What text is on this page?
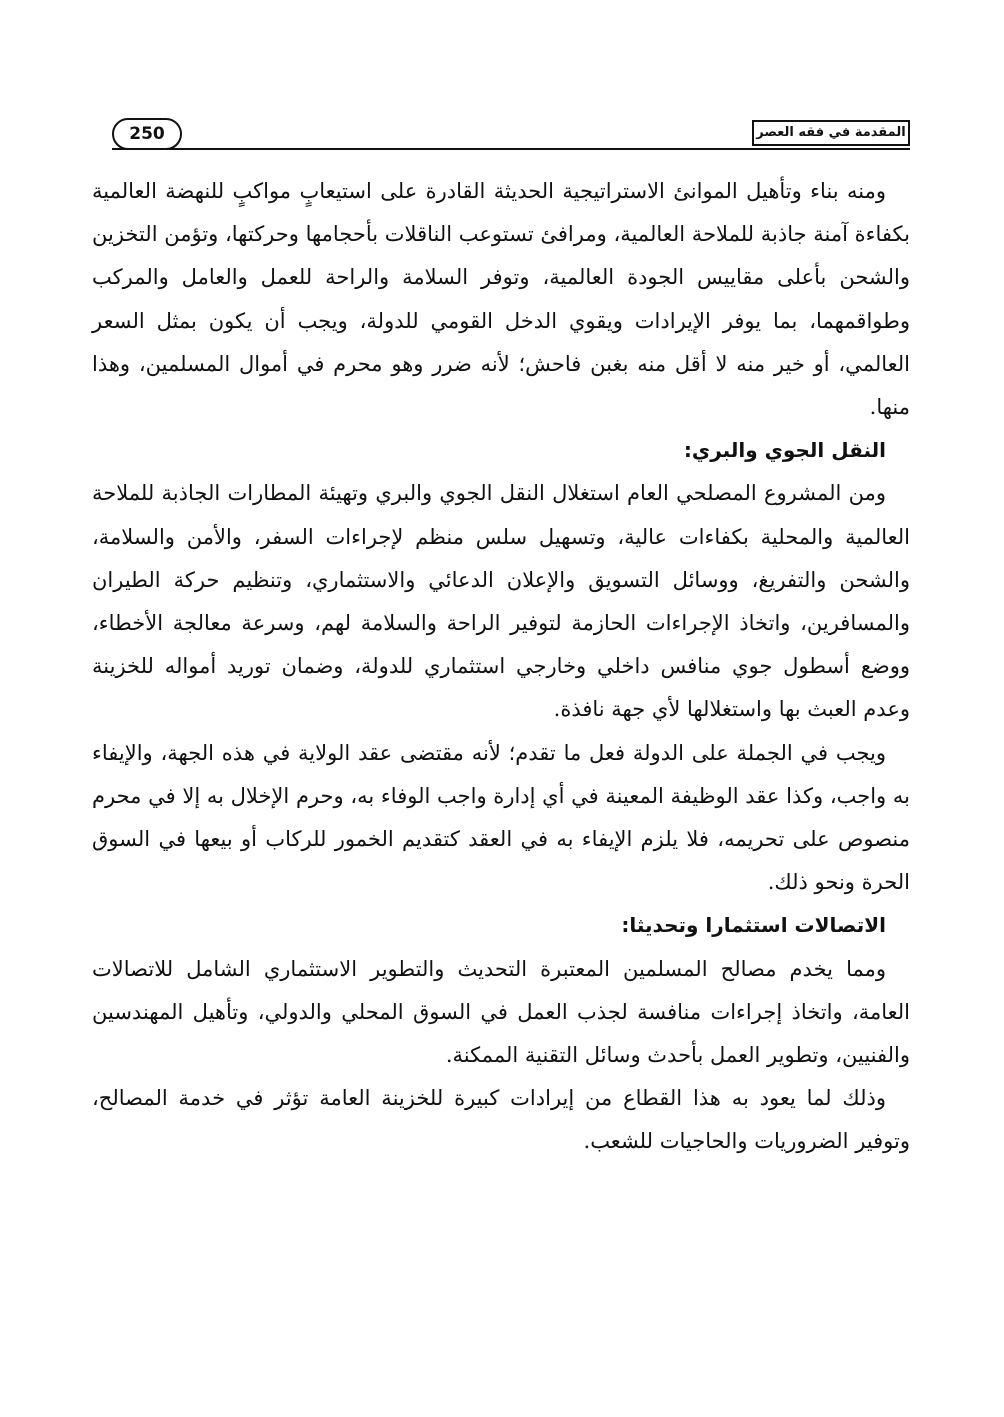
المقدمة في فقه العصر
250

ومنه بناء وتأهيل الموانئ الاستراتيجية الحديثة القادرة على استيعابٍ مواكبٍ للنهضة العالمية بكفاءة آمنة جاذبة للملاحة العالمية، ومرافئ تستوعب الناقلات بأحجامها وحركتها، وتؤمن التخزين والشحن بأعلى مقاييس الجودة العالمية، وتوفر السلامة والراحة للعمل والعامل والمركب وطواقمهما، بما يوفر الإيرادات ويقوي الدخل القومي للدولة، ويجب أن يكون بمثل السعر العالمي، أو خير منه لا أقل منه بغبن فاحش؛ لأنه ضرر وهو محرم في أموال المسلمين، وهذا منها.

النقل الجوي والبري:

ومن المشروع المصلحي العام استغلال النقل الجوي والبري وتهيئة المطارات الجاذبة للملاحة العالمية والمحلية بكفاءات عالية، وتسهيل سلس منظم لإجراءات السفر، والأمن والسلامة، والشحن والتفريغ، ووسائل التسويق والإعلان الدعائي والاستثماري، وتنظيم حركة الطيران والمسافرين، واتخاذ الإجراءات الحازمة لتوفير الراحة والسلامة لهم، وسرعة معالجة الأخطاء، ووضع أسطول جوي منافس داخلي وخارجي استثماري للدولة، وضمان توريد أمواله للخزينة وعدم العبث بها واستغلالها لأي جهة نافذة.

ويجب في الجملة على الدولة فعل ما تقدم؛ لأنه مقتضى عقد الولاية في هذه الجهة، والإيفاء به واجب، وكذا عقد الوظيفة المعينة في أي إدارة واجب الوفاء به، وحرم الإخلال به إلا في محرم منصوص على تحريمه، فلا يلزم الإيفاء به في العقد كتقديم الخمور للركاب أو بيعها في السوق الحرة ونحو ذلك.

الاتصالات استثمارا وتحديثا:

ومما يخدم مصالح المسلمين المعتبرة التحديث والتطوير الاستثماري الشامل للاتصالات العامة، واتخاذ إجراءات منافسة لجذب العمل في السوق المحلي والدولي، وتأهيل المهندسين والفنيين، وتطوير العمل بأحدث وسائل التقنية الممكنة.

وذلك لما يعود به هذا القطاع من إيرادات كبيرة للخزينة العامة تؤثر في خدمة المصالح، وتوفير الضروريات والحاجيات للشعب.
